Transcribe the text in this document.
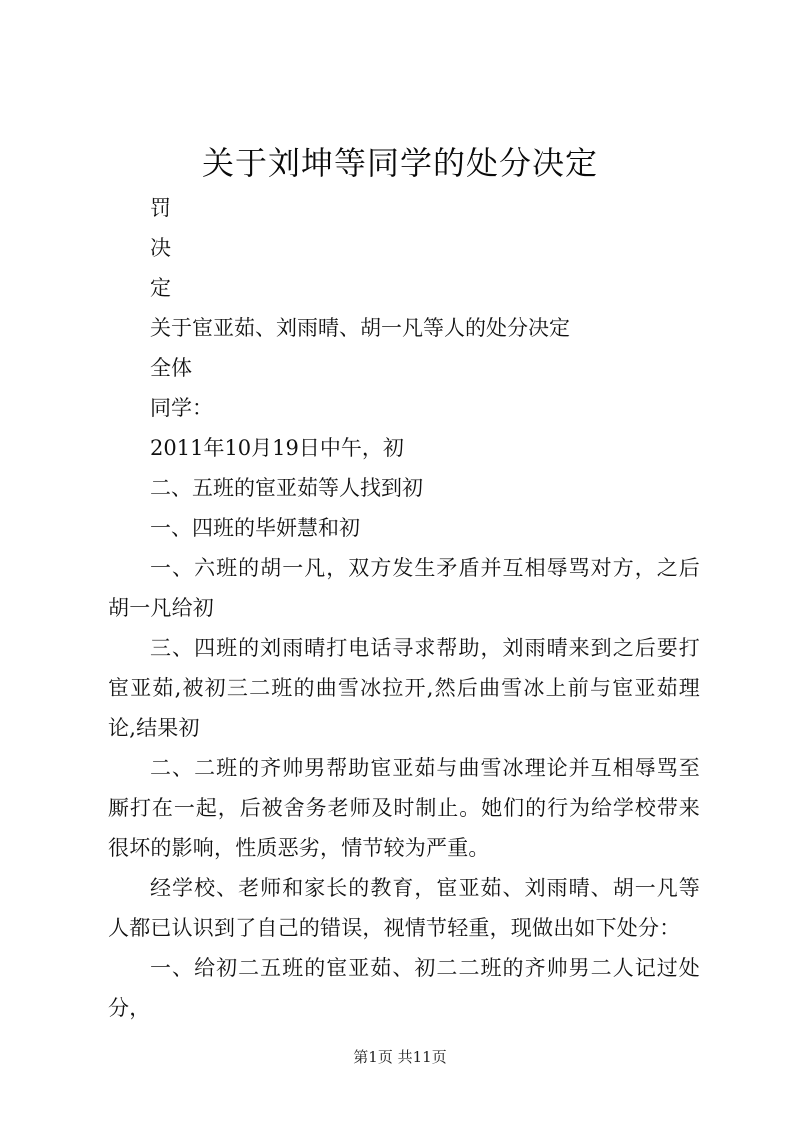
关于刘坤等同学的处分决定

罚

决

定

关于宦亚茹、刘雨晴、胡一凡等人的处分决定

全体

同学：

2011年10月19日中午，初

二、五班的宦亚茹等人找到初

一、四班的毕妍慧和初

一、六班的胡一凡，双方发生矛盾并互相辱骂对方，之后胡一凡给初

三、四班的刘雨晴打电话寻求帮助，刘雨晴来到之后要打宦亚茹,被初三二班的曲雪冰拉开,然后曲雪冰上前与宦亚茹理论,结果初

二、二班的齐帅男帮助宦亚茹与曲雪冰理论并互相辱骂至厮打在一起，后被舍务老师及时制止。她们的行为给学校带来很坏的影响，性质恶劣，情节较为严重。

经学校、老师和家长的教育，宦亚茹、刘雨晴、胡一凡等人都已认识到了自己的错误，视情节轻重，现做出如下处分：

一、给初二五班的宦亚茹、初二二班的齐帅男二人记过处分，

第1页 共11页
